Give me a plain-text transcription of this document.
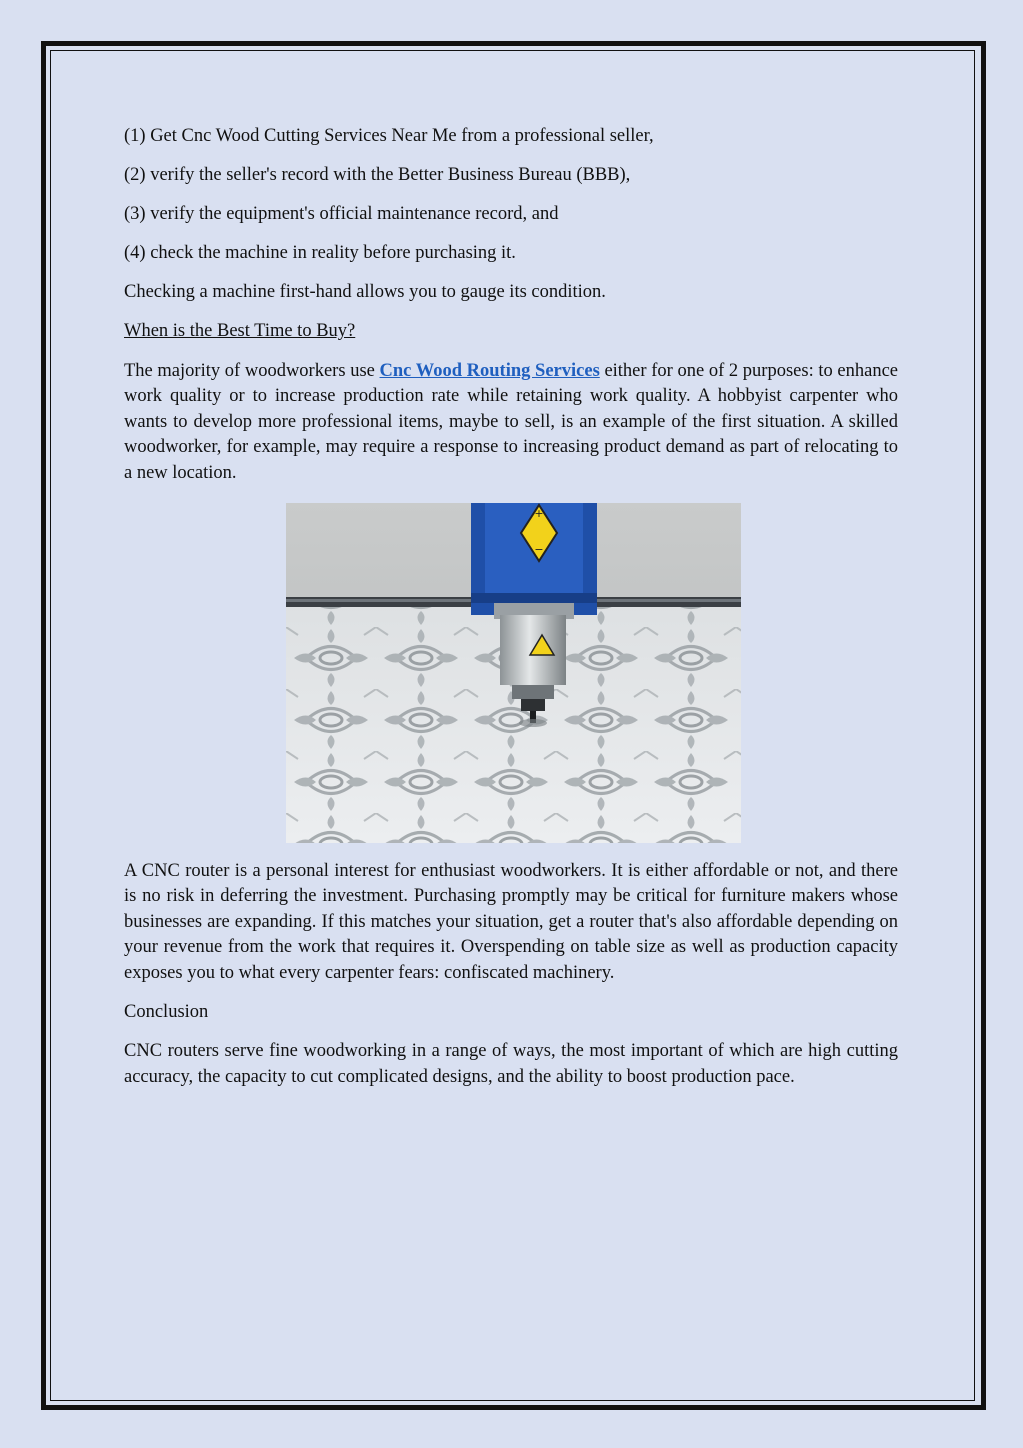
(1) Get Cnc Wood Cutting Services Near Me from a professional seller,

(2) verify the seller's record with the Better Business Bureau (BBB),

(3) verify the equipment's official maintenance record, and

(4) check the machine in reality before purchasing it.

Checking a machine first-hand allows you to gauge its condition.

When is the Best Time to Buy?

The majority of woodworkers use Cnc Wood Routing Services either for one of 2 purposes: to enhance work quality or to increase production rate while retaining work quality. A hobbyist carpenter who wants to develop more professional items, maybe to sell, is an example of the first situation. A skilled woodworker, for example, may require a response to increasing product demand as part of relocating to a new location.

+
−

A CNC router is a personal interest for enthusiast woodworkers. It is either affordable or not, and there is no risk in deferring the investment. Purchasing promptly may be critical for furniture makers whose businesses are expanding. If this matches your situation, get a router that's also affordable depending on your revenue from the work that requires it. Overspending on table size as well as production capacity exposes you to what every carpenter fears: confiscated machinery.

Conclusion

CNC routers serve fine woodworking in a range of ways, the most important of which are high cutting accuracy, the capacity to cut complicated designs, and the ability to boost production pace.
